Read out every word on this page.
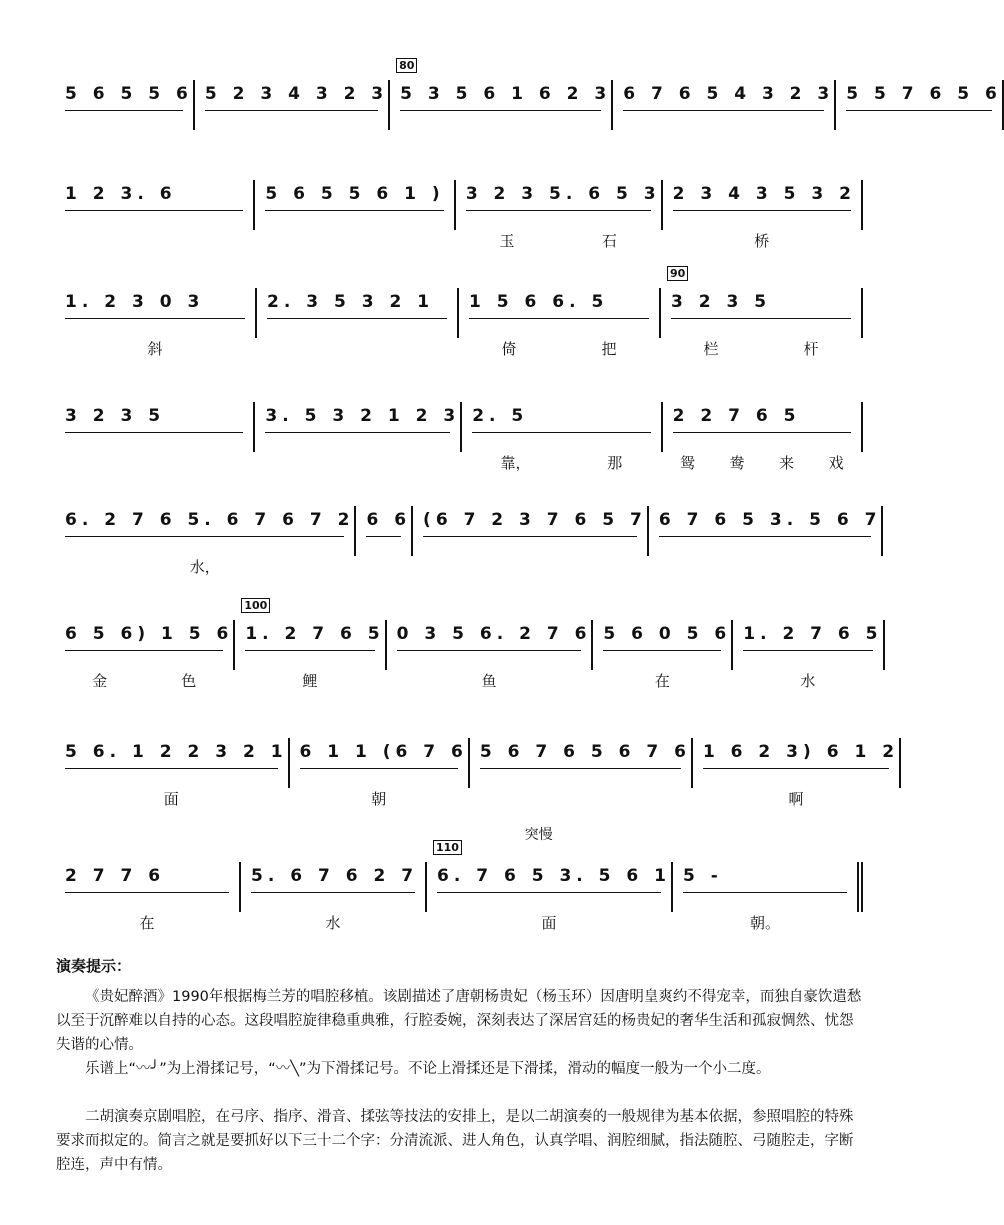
5 6 5 5 6 5 2 3 4 3 2 3
80
5 3 5 6 1 6 2 3 6 7 6 5 4 3 2 3 5 5 7 6 5 6
1 2 3. 6	5 6 5 5 6 1 )	3 2 3 5. 6 5 3
玉	石
2 3 4 3 5 3 2
桥
1. 2 3 0 3
斜
2. 3 5 3 2 1	1 5 6 6. 5
倚	把
90
3 2 3 5
栏	杆
3 2 3 5	3. 5 3 2 1 2 3 2. 5
靠，	那
2 2 7 6 5
鸳 鸯 来 戏
6. 2 7 6 5. 6 7 6 7 2
水，
6 6 (6 7 2 3 7 6 5 7 6 7 6 5 3. 5 6 7
6 5 6) 1 5 6
金	色
100
1. 2 7 6 5
鲤
0 3 5 6. 2 7 6
鱼
5 6 0 5 6
在
1. 2 7 6 5
水
5 6. 1 2 2 3 2 1
面
6 1 1 (6 7 6
朝
5 6 7 6 5 6 7 6 1 6 2 3) 6 1 2
啊
2 7 7 6
在
5. 6 7 6 2 7
水
110
突慢
6. 7 6 5 3. 5 6 1
面
5 -
朝。
演奏提示：
《贵妃醉酒》1990年根据梅兰芳的唱腔移植。该剧描述了唐朝杨贵妃（杨玉环）因唐明皇爽约不得宠幸，而独自豪饮遣愁以至于沉醉难以自持的心态。这段唱腔旋律稳重典雅，行腔委婉，深刻表达了深居宫廷的杨贵妃的奢华生活和孤寂惆然、忧怨失谐的心情。
乐谱上“〰╯”为上滑揉记号，“〰╲”为下滑揉记号。不论上滑揉还是下滑揉，滑动的幅度一般为一个小二度。
二胡演奏京剧唱腔，在弓序、指序、滑音、揉弦等技法的安排上，是以二胡演奏的一般规律为基本依据，参照唱腔的特殊要求而拟定的。简言之就是要抓好以下三十二个字：分清流派、进人角色，认真学唱、润腔细腻，指法随腔、弓随腔走，字断腔连，声中有情。
